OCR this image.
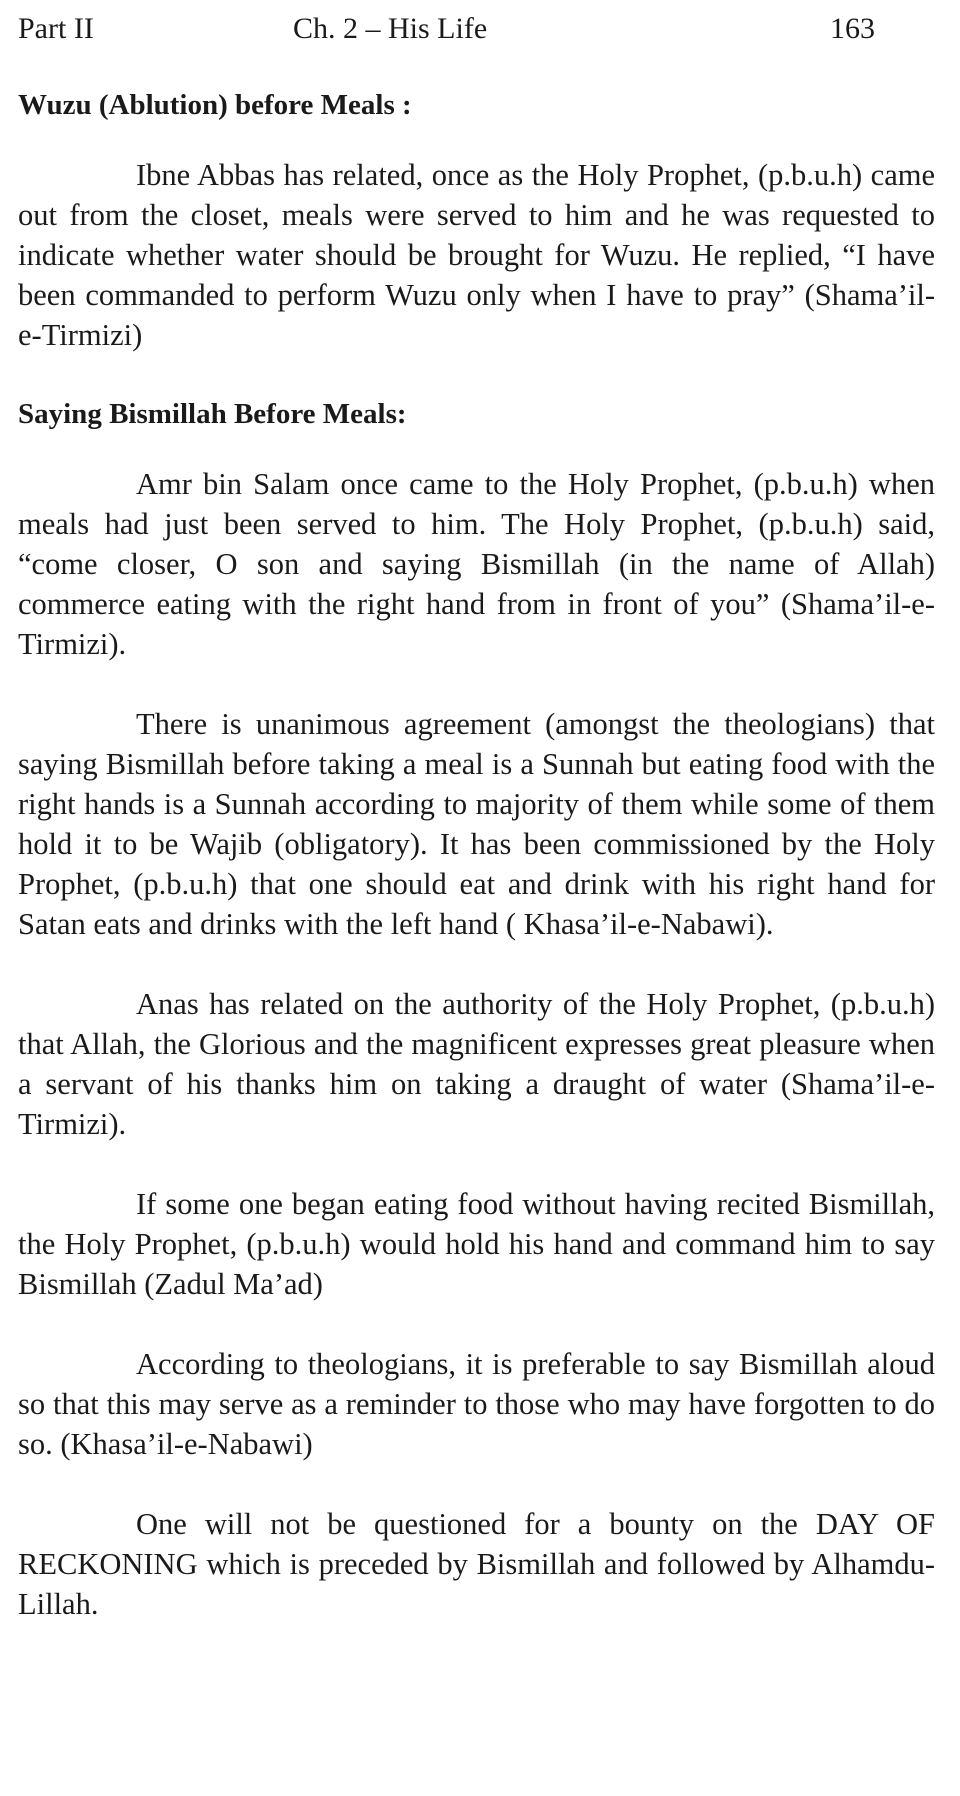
Part II	Ch. 2 – His Life	163
Wuzu (Ablution) before Meals :

Ibne Abbas has related, once as the Holy Prophet, (p.b.u.h) came out from the closet, meals were served to him and he was requested to indicate whether water should be brought for Wuzu. He replied, “I have been commanded to perform Wuzu only when I have to pray” (Shama’il-e-Tirmizi)

Saying Bismillah Before Meals:

Amr bin Salam once came to the Holy Prophet, (p.b.u.h) when meals had just been served to him. The Holy Prophet, (p.b.u.h) said, “come closer, O son and saying Bismillah (in the name of Allah) commerce eating with the right hand from in front of you” (Shama’il-e-Tirmizi).

There is unanimous agreement (amongst the theologians) that saying Bismillah before taking a meal is a Sunnah but eating food with the right hands is a Sunnah according to majority of them while some of them hold it to be Wajib (obligatory). It has been commissioned by the Holy Prophet, (p.b.u.h) that one should eat and drink with his right hand for Satan eats and drinks with the left hand ( Khasa’il-e-Nabawi).

Anas has related on the authority of the Holy Prophet, (p.b.u.h) that Allah, the Glorious and the magnificent expresses great pleasure when a servant of his thanks him on taking a draught of water (Shama’il-e-Tirmizi).

If some one began eating food without having recited Bismillah, the Holy Prophet, (p.b.u.h) would hold his hand and command him to say Bismillah (Zadul Ma’ad)

According to theologians, it is preferable to say Bismillah aloud so that this may serve as a reminder to those who may have forgotten to do so. (Khasa’il-e-Nabawi)

One will not be questioned for a bounty on the DAY OF RECKONING which is preceded by Bismillah and followed by Alhamdu-Lillah.
